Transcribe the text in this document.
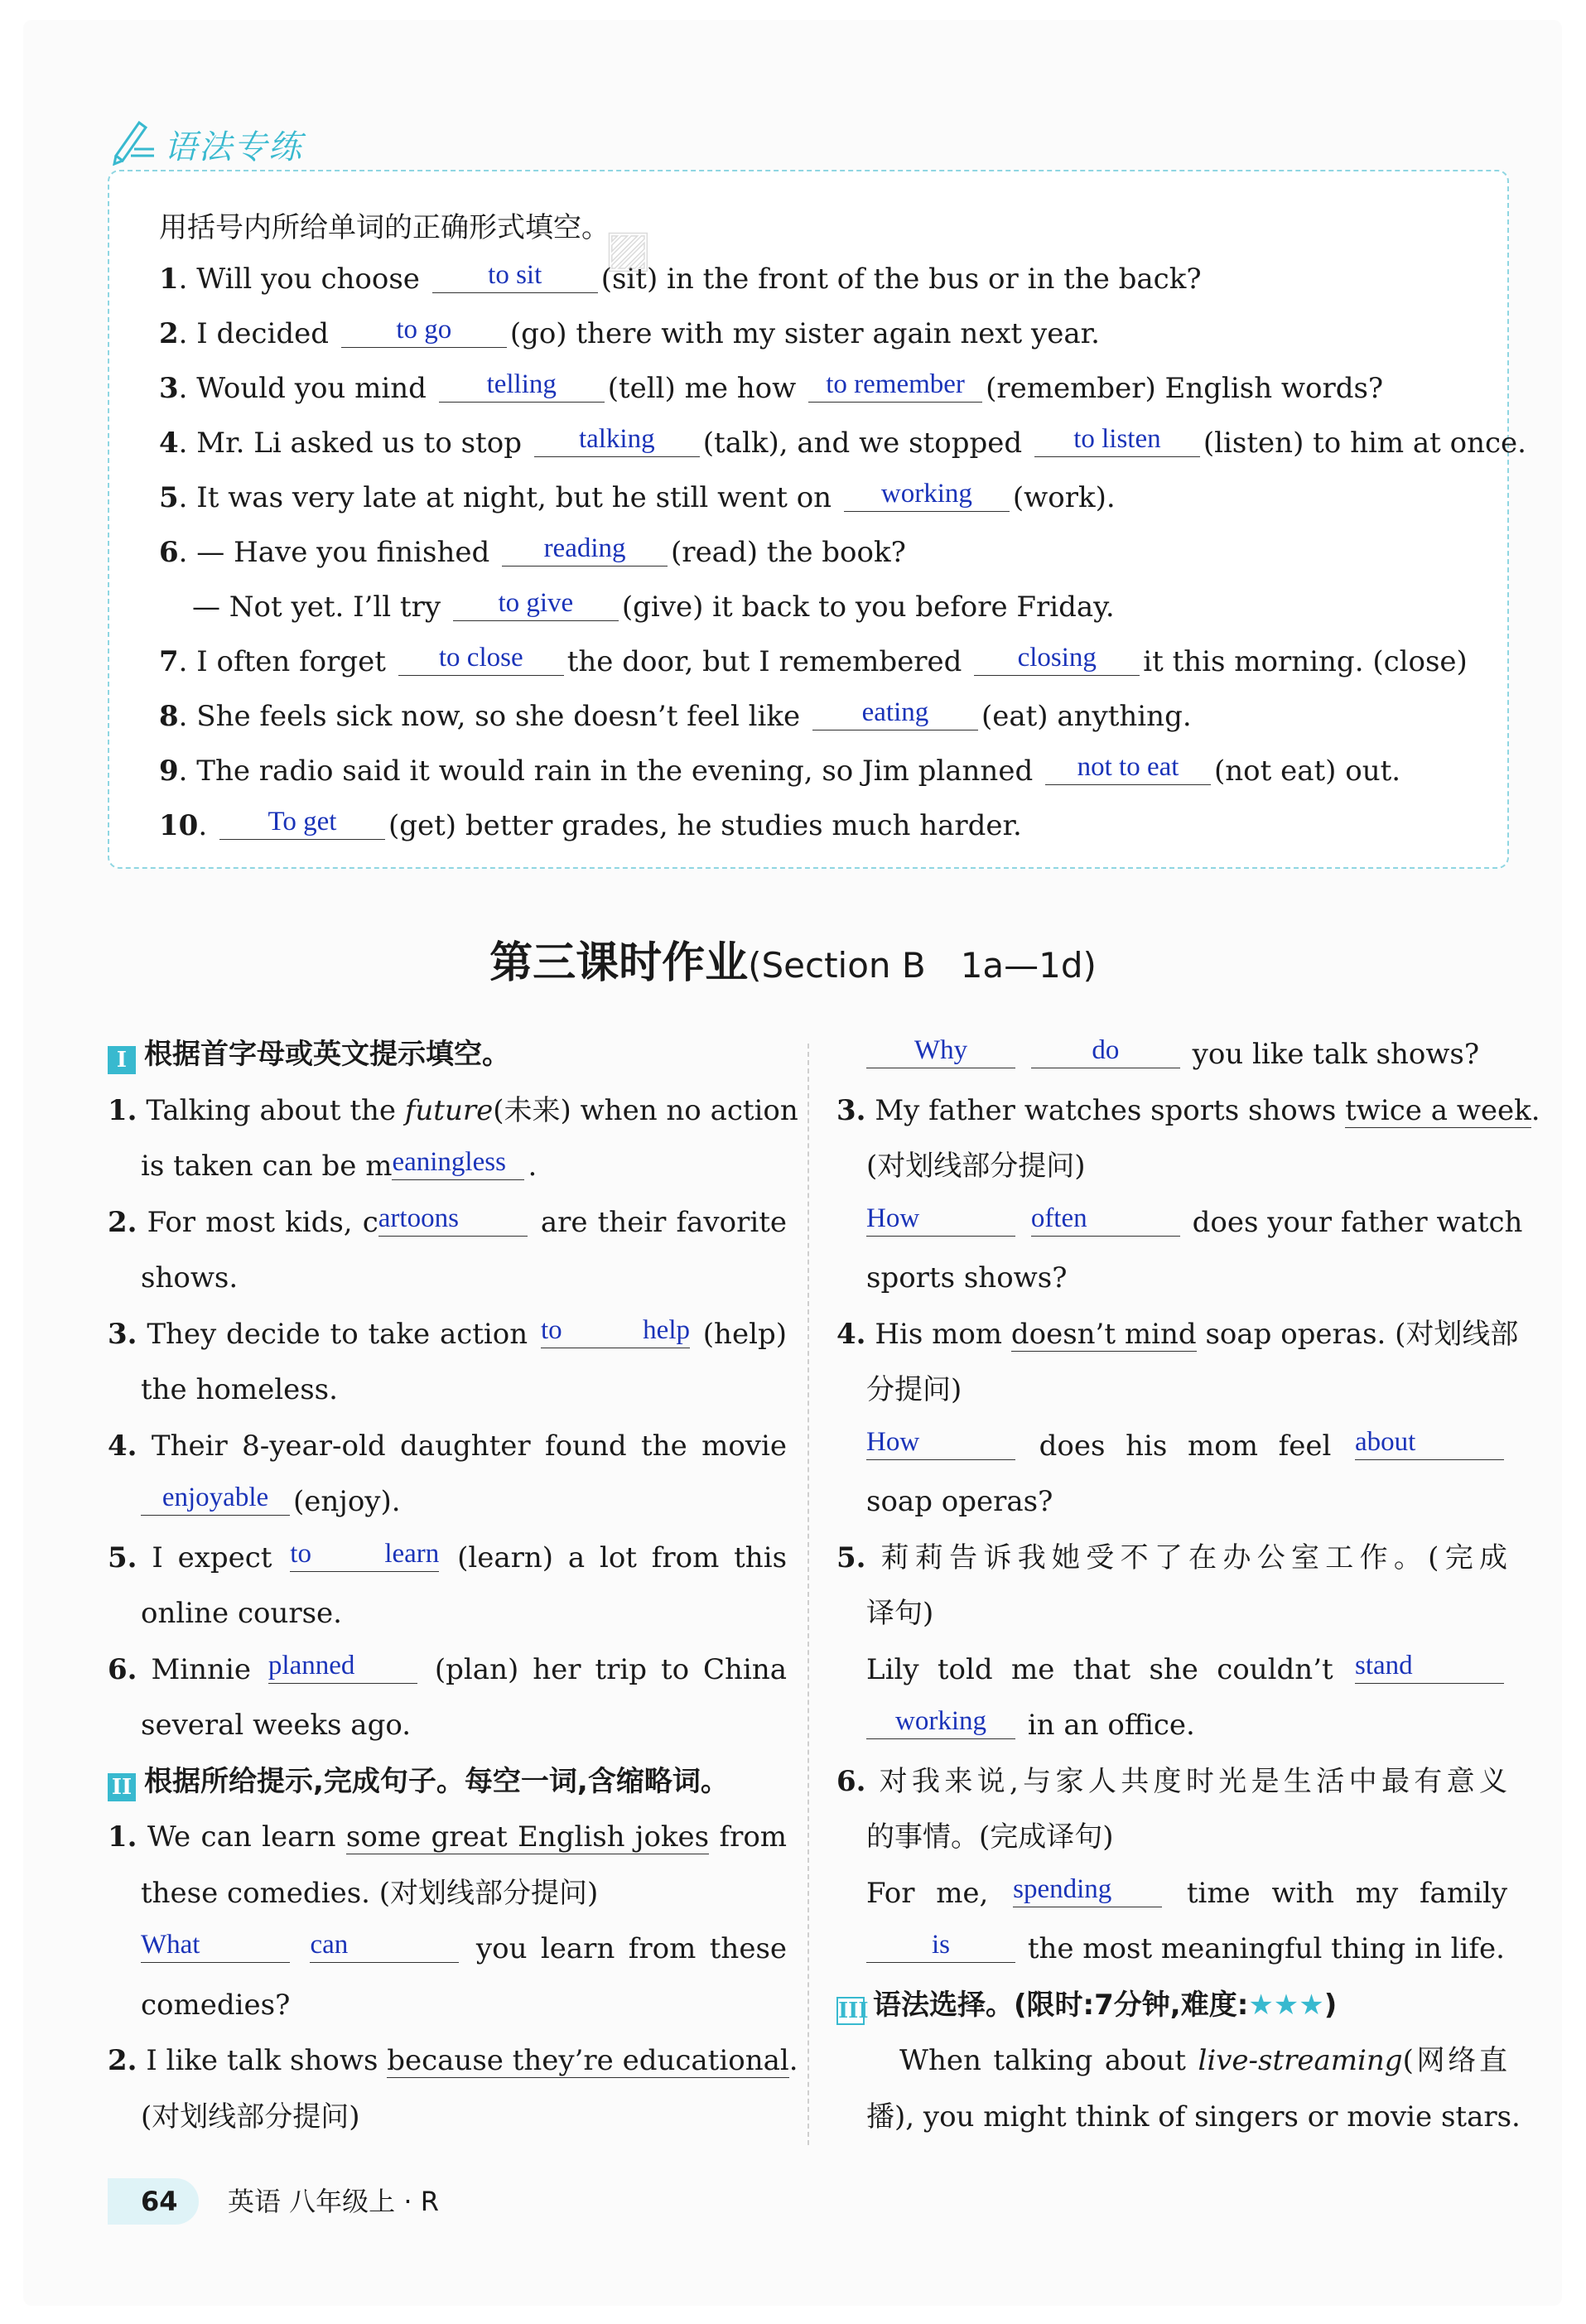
语法专练
用括号内所给单词的正确形式填空。
1. Will you choose	to sit	(sit) in the front of the bus or in the back?
2. I decided	to go	(go) there with my sister again next year.
3. Would you mind	telling	(tell) me how	to remember (remember) English words?
4. Mr. Li asked us to stop	talking	(talk), and we stopped	to listen	(listen) to him at once.
5. It was very late at night, but he still went on	working	(work).
6. — Have you finished	reading	(read) the book?
— Not yet. I’ll try	to give	(give) it back to you before Friday.
7. I often forget	to close	the door, but I remembered	closing	it this morning. (close)
8. She feels sick now, so she doesn’t feel like	eating	(eat) anything.
9. The radio said it would rain in the evening, so Jim planned	not to eat	(not eat) out.
10.	To get	(get) better grades, he studies much harder.
▨
第三课时作业(Section B　1a—1d)
I 根据首字母或英文提示填空。
1. Talking about the future(未来) when no action
is taken can be m eaningless .
2. For most kids, c artoons	are their favorite
shows.
3. They decide to take action to help (help)
the homeless.
4. Their 8-year-old daughter found the movie
enjoyable (enjoy).
5. I expect to learn (learn) a lot from this
online course.
6. Minnie planned	(plan) her trip to China
several weeks ago.
II 根据所给提示,完成句子。每空一词,含缩略词。
1. We can learn some great English jokes from
these comedies. (对划线部分提问)
What
	can	you learn from these
comedies?
2. I like talk shows because they’re educational.
(对划线部分提问)
Why
	do	you like talk shows?
3. My father watches sports shows twice a week.
(对划线部分提问)
How
	often	does your father watch
sports shows?
4. His mom doesn’t mind soap operas. (对划线部
分提问)
How	does his mom feel about
soap operas?
5. 莉莉告诉我她受不了在办公室工作。(完成
译句)
Lily told me that she couldn’t stand
working	in an office.
6. 对我来说,与家人共度时光是生活中最有意义
的事情。(完成译句)
For me, spending	time with my family
is	the most meaningful thing in life.
III 语法选择。(限时:7分钟,难度:★★★)
When talking about live-streaming(网络直
播), you might think of singers or movie stars.
64	英语 八年级上 · R
